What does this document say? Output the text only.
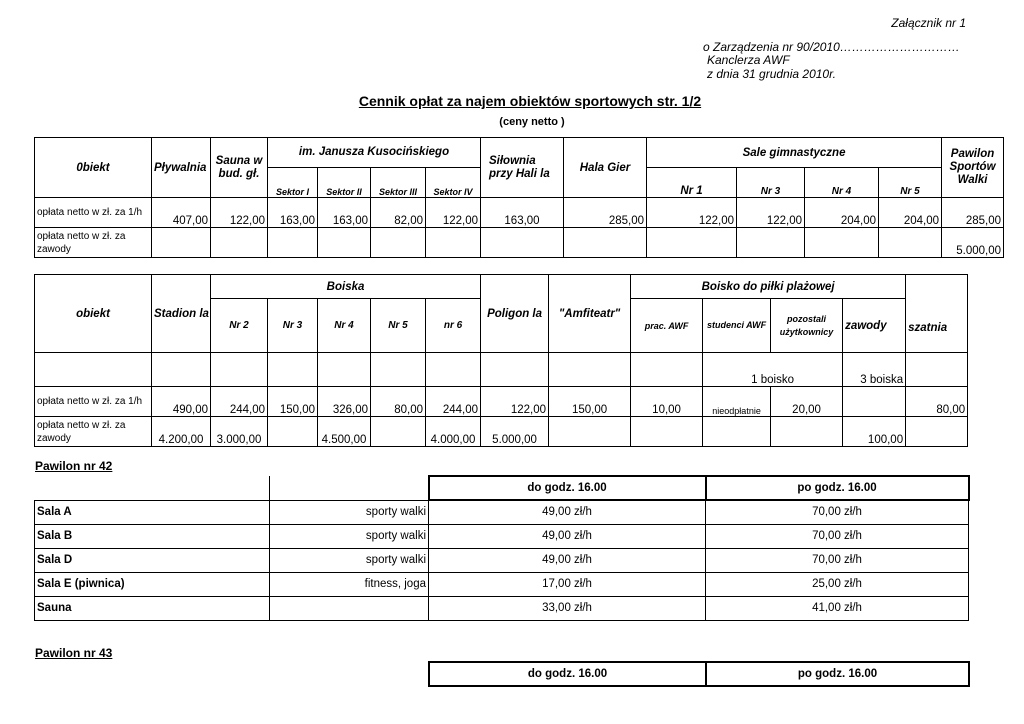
Załącznik nr 1
o Zarządzenia nr 90/2010…………………………
Kanclerza AWF
z dnia 31 grudnia 2010r.
Cennik opłat za najem obiektów sportowych str. 1/2
(ceny netto )
0biekt	Pływalnia	Sauna w bud. gł.	im. Janusza Kusocińskiego				Siłownia przy Hali la	Hala Gier	Sale gimnastyczne				Pawilon Sportów Walki
			Sektor I	Sektor II	Sektor III	Sektor IV			Nr 1	Nr 3	Nr 4	Nr 5	
opłata netto w zł. za 1/h	407,00	122,00	163,00	163,00	82,00	122,00	163,00	285,00	122,00	122,00	204,00	204,00	285,00
opłata netto w zł. za zawody													5.000,00
obiekt	Stadion la	Boiska					Poligon la	"Amfiteatr"	Boisko do piłki plażowej				szatnia
		Nr 2	Nr 3	Nr 4	Nr 5	nr 6			prac. AWF	studenci AWF	pozostali użytkownicy	zawody	
										1 boisko		3 boiska	
opłata netto w zł. za 1/h	490,00	244,00	150,00	326,00	80,00	244,00	122,00	150,00	10,00	nieodpłatnie	20,00		80,00
opłata netto w zł. za zawody	4.200,00	3.000,00		4.500,00		4.000,00	5.000,00					100,00	
Pawilon nr 42
		do godz. 16.00	po godz. 16.00
Sala A	sporty walki	49,00 zł/h	70,00 zł/h
Sala B	sporty walki	49,00 zł/h	70,00 zł/h
Sala D	sporty walki	49,00 zł/h	70,00 zł/h
Sala E (piwnica)	fitness, joga	17,00 zł/h	25,00 zł/h
Sauna		33,00 zł/h	41,00 zł/h
Pawilon nr 43
do godz. 16.00	po godz. 16.00
